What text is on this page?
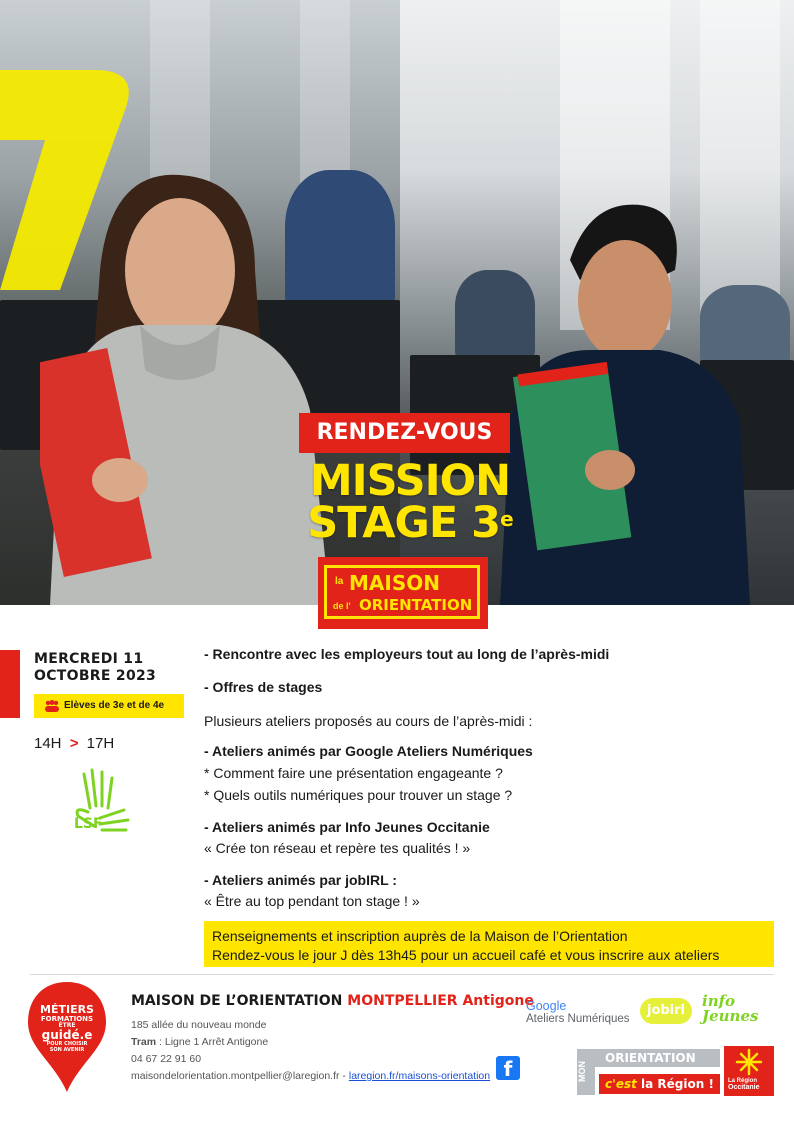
RENDEZ-VOUS
MISSION
STAGE 3e
la MAISON
de l' ORIENTATION
MERCREDI 11
OCTOBRE 2023
Elèves de 3e et de 4e
14H > 17H
LSF
- Rencontre avec les employeurs tout au long de l’après-midi
- Offres de stages
Plusieurs ateliers proposés au cours de l’après-midi :
- Ateliers animés par Google Ateliers Numériques
* Comment faire une présentation engageante ?
* Quels outils numériques pour trouver un stage ?
- Ateliers animés par Info Jeunes Occitanie
« Crée ton réseau et repère tes qualités ! »
- Ateliers animés par jobIRL :
« Être au top pendant ton stage ! »
Renseignements et inscription auprès de la Maison de l’Orientation
Rendez-vous le jour J dès 13h45 pour un accueil café et vous inscrire aux ateliers
MÉTIERS
FORMATIONS
ÊTRE
guidé.e
POUR CHOISIR
SON AVENIR
MAISON DE L’ORIENTATION MONTPELLIER Antigone
185 allée du nouveau monde
Tram : Ligne 1 Arrêt Antigone
04 67 22 91 60
maisondelorientation.montpellier@laregion.fr - laregion.fr/maisons-orientation f
Google
Ateliers Numériques
jobirl
info
Jeunes
MON
ORIENTATION
c'est la Région !	La Région
Occitanie
